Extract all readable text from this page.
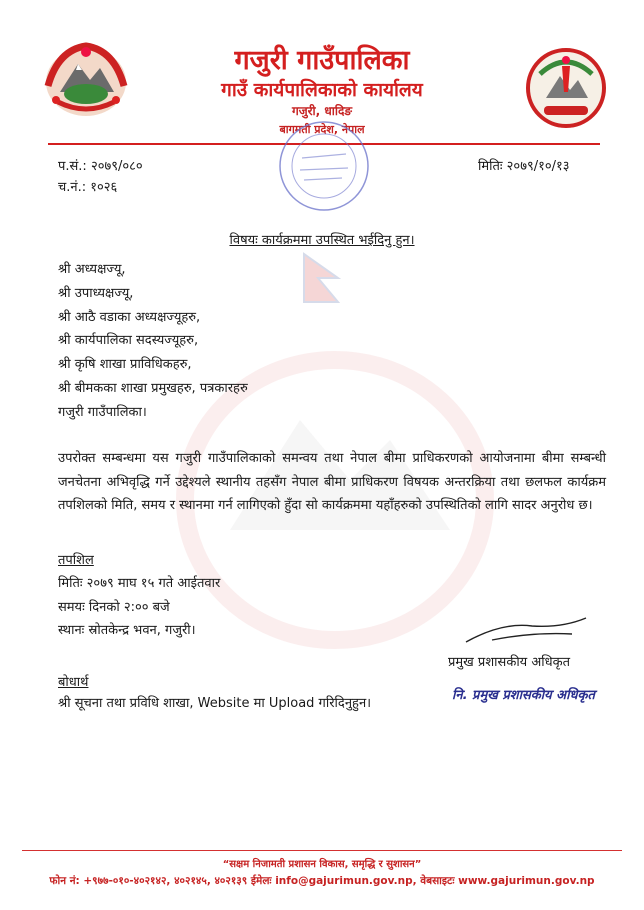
गजुरी गाउँपालिका
गाउँ कार्यपालिकाको कार्यालय
गजुरी, धादिङ
बागमती प्रदेश, नेपाल
प.सं.: २०७९/०८०
च.नं.: १०२६
मितिः २०७९/१०/१३
विषयः कार्यक्रममा उपस्थित भईदिनु हुन।
श्री अध्यक्षज्यू,
श्री उपाध्यक्षज्यू,
श्री आठै वडाका अध्यक्षज्यूहरु,
श्री कार्यपालिका सदस्यज्यूहरु,
श्री कृषि शाखा प्राविधिकहरु,
श्री बीमकका शाखा प्रमुखहरु, पत्रकारहरु
गजुरी गाउँपालिका।
उपरोक्त सम्बन्धमा यस गजुरी गाउँपालिकाको समन्वय तथा नेपाल बीमा प्राधिकरणको आयोजनामा बीमा सम्बन्धी जनचेतना अभिवृद्धि गर्ने उद्देश्यले स्थानीय तहसँग नेपाल बीमा प्राधिकरण विषयक अन्तरक्रिया तथा छलफल कार्यक्रम तपशिलको मिति, समय र स्थानमा गर्न लागिएको हुँदा सो कार्यक्रममा यहाँहरुको उपस्थितिको लागि सादर अनुरोध छ।
तपशिल
मितिः २०७९ माघ १५ गते आईतवार
समयः दिनको २:०० बजे
स्थानः स्रोतकेन्द्र भवन, गजुरी।
प्रमुख प्रशासकीय अधिकृत
नि. प्रमुख प्रशासकीय अधिकृत
बोधार्थ
श्री सूचना तथा प्रविधि शाखा, Website मा Upload गरिदिनुहुन।
“सक्षम निजामती प्रशासन विकास, समृद्धि र सुशासन”
फोन नं: +९७७-०१०-४०२१४२, ४०२१४५, ४०२१३९ ईमेलः info@gajurimun.gov.np, वेबसाइटः www.gajurimun.gov.np
